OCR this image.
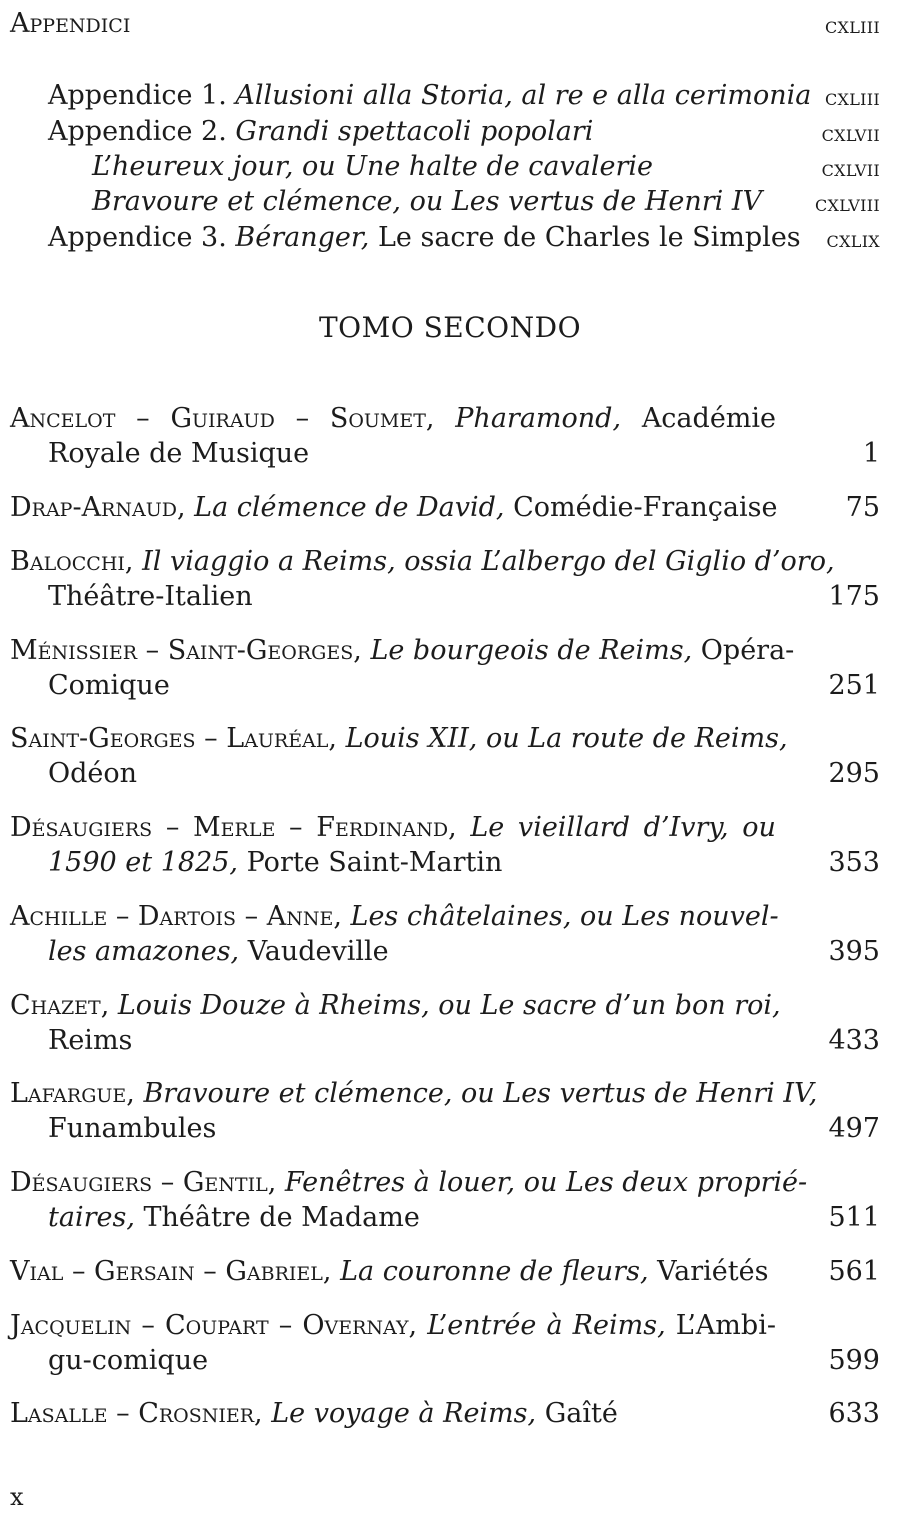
Appendici	cxliii
Appendice 1. Allusioni alla Storia, al re e alla cerimonia cxliii
Appendice 2. Grandi spettacoli popolari	cxlvii
L’heureux jour, ou Une halte de cavalerie	cxlvii
Bravoure et clémence, ou Les vertus de Henri IV cxlviii
Appendice 3. Béranger, Le sacre de Charles le Simples cxlix
TOMO SECONDO
Ancelot – Guiraud – Soumet, Pharamond, Académie
Royale de Musique	1
Drap-Arnaud, La clémence de David, Comédie-Française	75
Balocchi, Il viaggio a Reims, ossia L’albergo del Giglio d’oro,
Théâtre-Italien	175
Ménissier – Saint-Georges, Le bourgeois de Reims, Opéra-
Comique	251
Saint-Georges – Lauréal, Louis XII, ou La route de Reims,
Odéon	295
Désaugiers – Merle – Ferdinand, Le vieillard d’Ivry, ou
1590 et 1825, Porte Saint-Martin	353
Achille – Dartois – Anne, Les châtelaines, ou Les nouvel-
les amazones, Vaudeville	395
Chazet, Louis Douze à Rheims, ou Le sacre d’un bon roi,
Reims	433
Lafargue, Bravoure et clémence, ou Les vertus de Henri IV,
Funambules	497
Désaugiers – Gentil, Fenêtres à louer, ou Les deux proprié-
taires, Théâtre de Madame	511
Vial – Gersain – Gabriel, La couronne de fleurs, Variétés 561
Jacquelin – Coupart – Overnay, L’entrée à Reims, L’Ambi-
gu-comique	599
Lasalle – Crosnier, Le voyage à Reims, Gaîté	633
x
